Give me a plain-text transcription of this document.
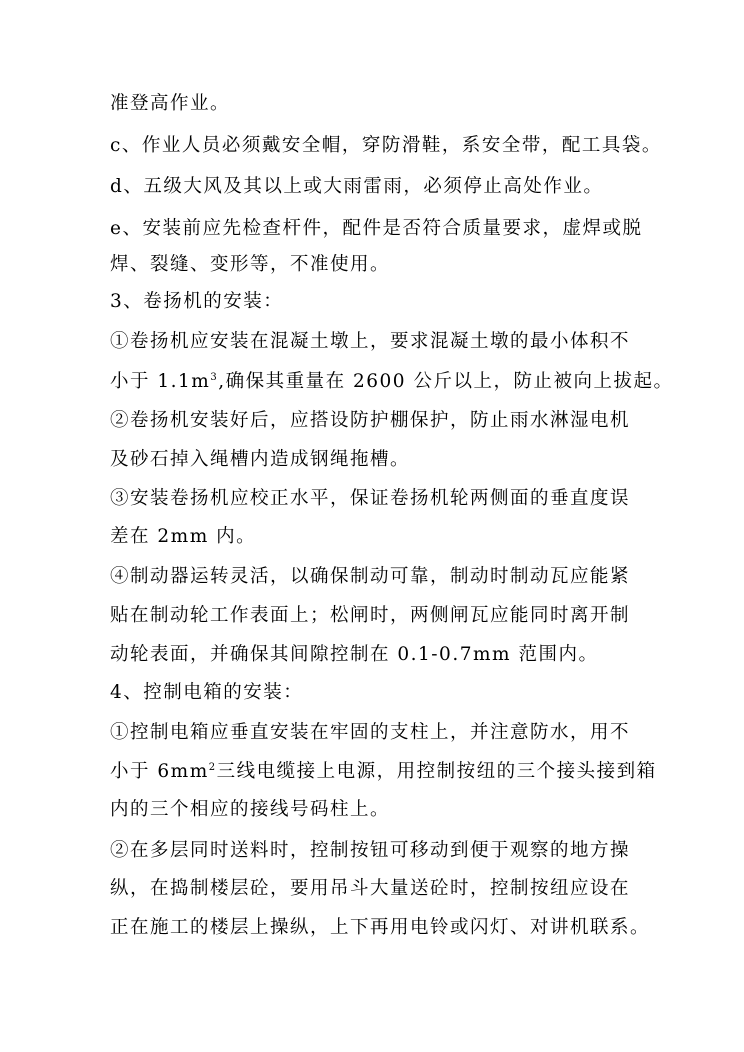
准登高作业。
c、作业人员必须戴安全帽，穿防滑鞋，系安全带，配工具袋。
d、五级大风及其以上或大雨雷雨，必须停止高处作业。
e、安装前应先检查杆件，配件是否符合质量要求，虚焊或脱
焊、裂缝、变形等，不准使用。
3、卷扬机的安装：
①卷扬机应安装在混凝土墩上，要求混凝土墩的最小体积不
小于 $1.1m^3$,确保其重量在 2600 公斤以上，防止被向上拔起。
②卷扬机安装好后，应搭设防护棚保护，防止雨水淋湿电机
及砂石掉入绳槽内造成钢绳拖槽。
③安装卷扬机应校正水平，保证卷扬机轮两侧面的垂直度误
差在 2mm 内。
④制动器运转灵活，以确保制动可靠，制动时制动瓦应能紧
贴在制动轮工作表面上；松闸时，两侧闸瓦应能同时离开制
动轮表面，并确保其间隙控制在 0.1-0.7mm 范围内。
4、控制电箱的安装：
①控制电箱应垂直安装在牢固的支柱上，并注意防水，用不
小于 $6mm^2$三线电缆接上电源，用控制按纽的三个接头接到箱
内的三个相应的接线号码柱上。
②在多层同时送料时，控制按钮可移动到便于观察的地方操
纵，在捣制楼层砼，要用吊斗大量送砼时，控制按纽应设在
正在施工的楼层上操纵，上下再用电铃或闪灯、对讲机联系。
